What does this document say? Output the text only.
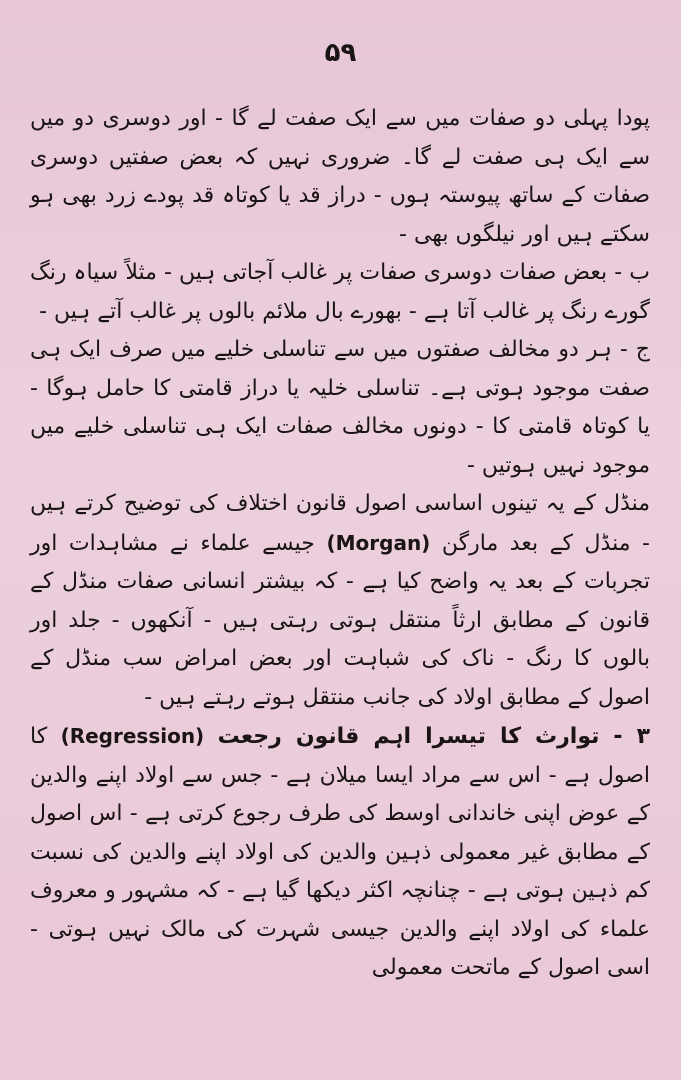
۵۹

پودا پہلی دو صفات میں سے ایک صفت لے گا - اور دوسری دو میں سے ایک ہی صفت لے گا۔ ضروری نہیں کہ بعض صفتیں دوسری صفات کے ساتھ پیوستہ ہوں - دراز قد یا کوتاہ قد پودے زرد بھی ہو سکتے ہیں اور نیلگوں بھی -

ب - بعض صفات دوسری صفات پر غالب آجاتی ہیں - مثلاً سیاہ رنگ گورے رنگ پر غالب آتا ہے - بھورے بال ملائم بالوں پر غالب آتے ہیں -

ج - ہر دو مخالف صفتوں میں سے تناسلی خلیے میں صرف ایک ہی صفت موجود ہوتی ہے۔ تناسلی خلیہ یا دراز قامتی کا حامل ہوگا - یا کوتاہ قامتی کا - دونوں مخالف صفات ایک ہی تناسلی خلیے میں موجود نہیں ہوتیں -

منڈل کے یہ تینوں اساسی اصول قانون اختلاف کی توضیح کرتے ہیں - منڈل کے بعد مارگن (Morgan) جیسے علماء نے مشاہدات اور تجربات کے بعد یہ واضح کیا ہے - کہ بیشتر انسانی صفات منڈل کے قانون کے مطابق ارثاً منتقل ہوتی رہتی ہیں - آنکھوں - جلد اور بالوں کا رنگ - ناک کی شباہت اور بعض امراض سب منڈل کے اصول کے مطابق اولاد کی جانب منتقل ہوتے رہتے ہیں -

۳ - توارث کا تیسرا اہم قانون رجعت (Regression) کا اصول ہے - اس سے مراد ایسا میلان ہے - جس سے اولاد اپنے والدین کے عوض اپنی خاندانی اوسط کی طرف رجوع کرتی ہے - اس اصول کے مطابق غیر معمولی ذہین والدین کی اولاد اپنے والدین کی نسبت کم ذہین ہوتی ہے - چنانچہ اکثر دیکھا گیا ہے - کہ مشہور و معروف علماء کی اولاد اپنے والدین جیسی شہرت کی مالک نہیں ہوتی - اسی اصول کے ماتحت معمولی
